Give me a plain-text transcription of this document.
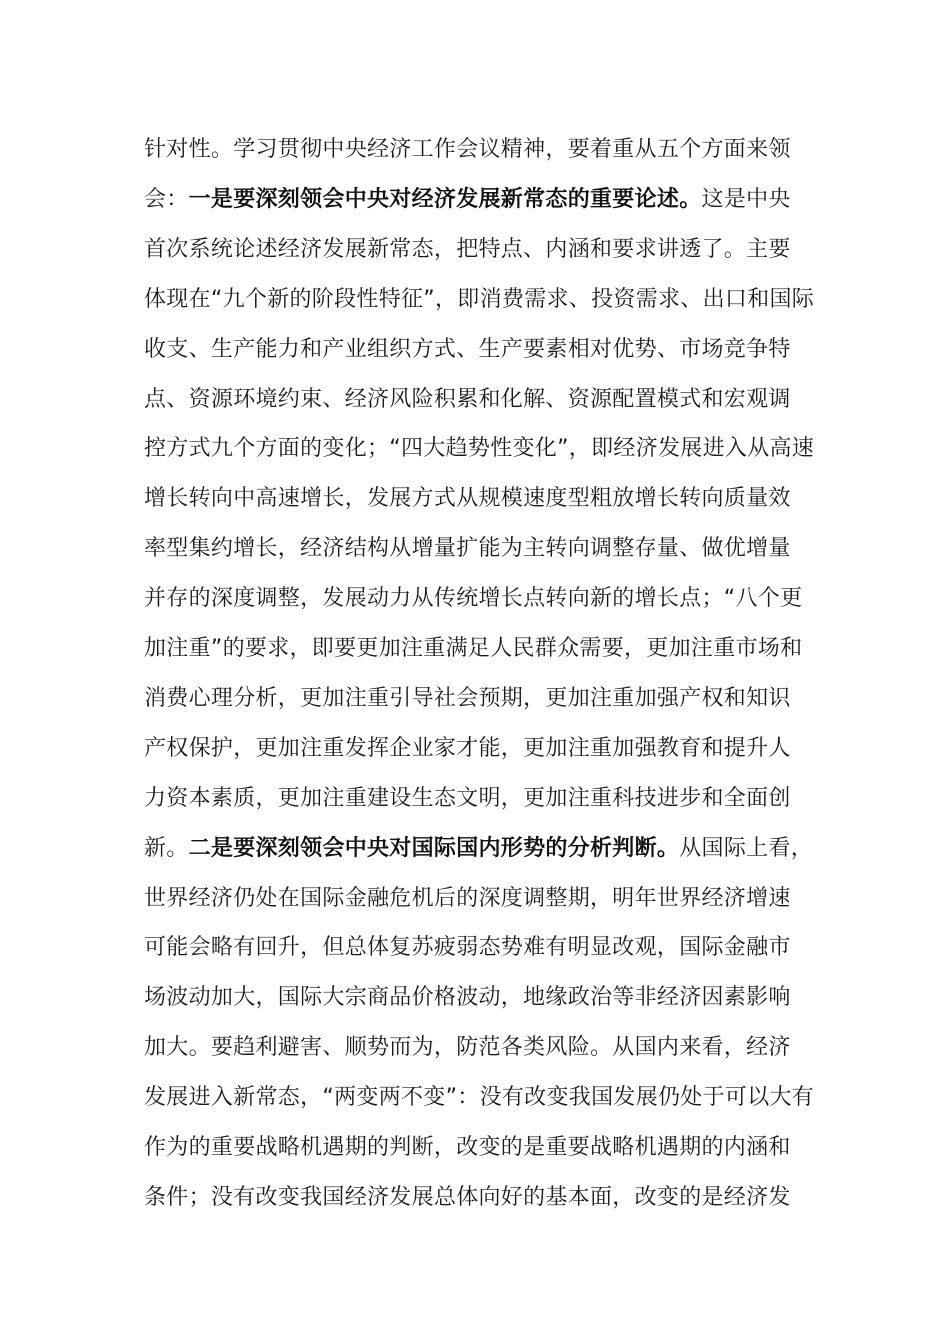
针对性。学习贯彻中央经济工作会议精神，要着重从五个方面来领
会：一是要深刻领会中央对经济发展新常态的重要论述。这是中央
首次系统论述经济发展新常态，把特点、内涵和要求讲透了。主要
体现在“九个新的阶段性特征”，即消费需求、投资需求、出口和国际
收支、生产能力和产业组织方式、生产要素相对优势、市场竞争特
点、资源环境约束、经济风险积累和化解、资源配置模式和宏观调
控方式九个方面的变化；“四大趋势性变化”，即经济发展进入从高速
增长转向中高速增长，发展方式从规模速度型粗放增长转向质量效
率型集约增长，经济结构从增量扩能为主转向调整存量、做优增量
并存的深度调整，发展动力从传统增长点转向新的增长点；“八个更
加注重”的要求，即要更加注重满足人民群众需要，更加注重市场和
消费心理分析，更加注重引导社会预期，更加注重加强产权和知识
产权保护，更加注重发挥企业家才能，更加注重加强教育和提升人
力资本素质，更加注重建设生态文明，更加注重科技进步和全面创
新。二是要深刻领会中央对国际国内形势的分析判断。从国际上看，
世界经济仍处在国际金融危机后的深度调整期，明年世界经济增速
可能会略有回升，但总体复苏疲弱态势难有明显改观，国际金融市
场波动加大，国际大宗商品价格波动，地缘政治等非经济因素影响
加大。要趋利避害、顺势而为，防范各类风险。从国内来看，经济
发展进入新常态，“两变两不变”：没有改变我国发展仍处于可以大有
作为的重要战略机遇期的判断，改变的是重要战略机遇期的内涵和
条件；没有改变我国经济发展总体向好的基本面，改变的是经济发
